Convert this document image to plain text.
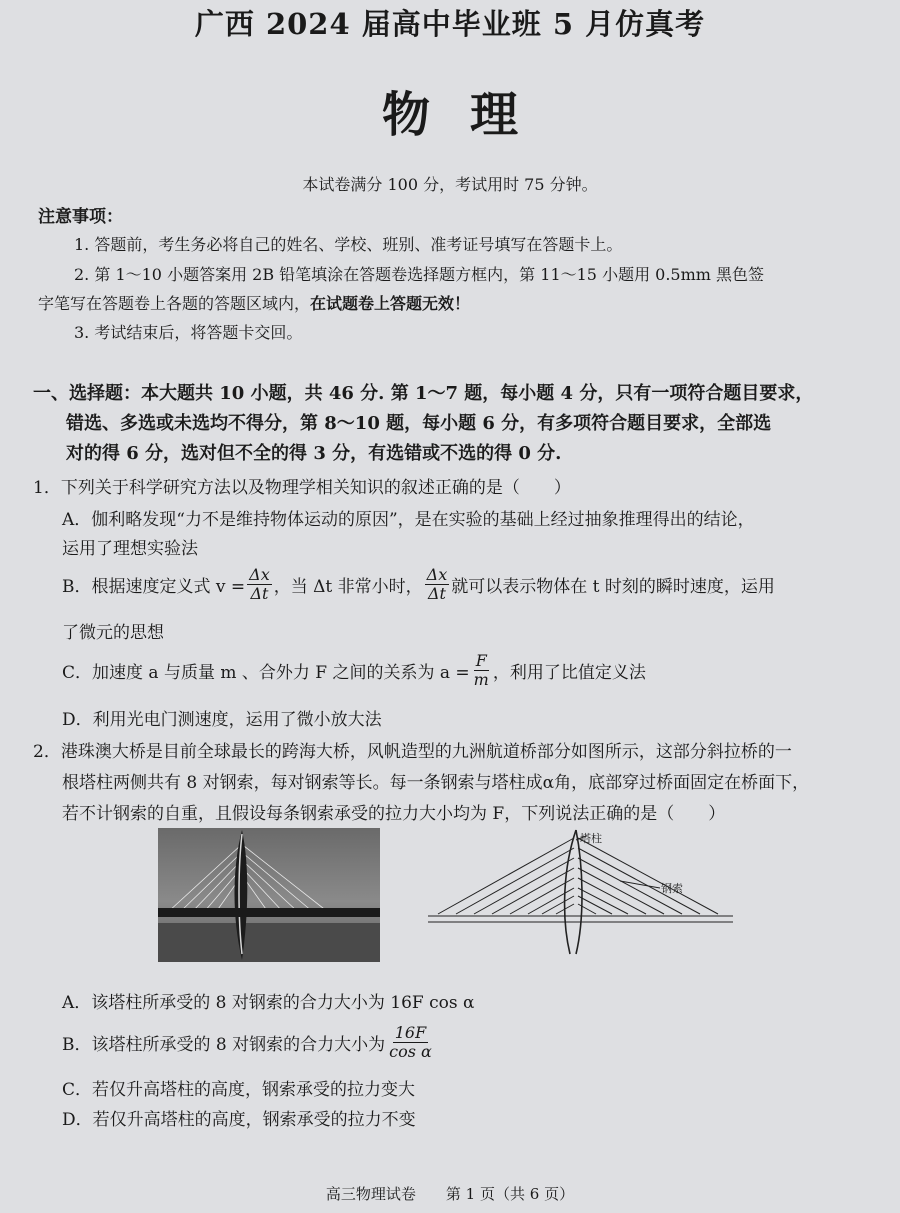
广西 2024 届高中毕业班 5 月仿真考
物理
本试卷满分 100 分，考试用时 75 分钟。
注意事项：
1. 答题前，考生务必将自己的姓名、学校、班别、准考证号填写在答题卡上。
2. 第 1～10 小题答案用 2B 铅笔填涂在答题卷选择题方框内，第 11～15 小题用 0.5mm 黑色签
字笔写在答题卷上各题的答题区域内，在试题卷上答题无效！
3. 考试结束后，将答题卡交回。
一、选择题：本大题共 10 小题，共 46 分. 第 1～7 题，每小题 4 分，只有一项符合题目要求，
错选、多选或未选均不得分，第 8～10 题，每小题 6 分，有多项符合题目要求，全部选
对的得 6 分，选对但不全的得 3 分，有选错或不选的得 0 分.
1．下列关于科学研究方法以及物理学相关知识的叙述正确的是（　　）
A．伽利略发现“力不是维持物体运动的原因”，是在实验的基础上经过抽象推理得出的结论，
运用了理想实验法
B．根据速度定义式 $v = \frac{\Delta x}{\Delta t}$ ，当 Δt 非常小时， $\frac{\Delta x}{\Delta t}$ 就可以表示物体在 t 时刻的瞬时速度，运用
了微元的思想
C．加速度 a 与质量 m 、合外力 F 之间的关系为 $a = \frac{F}{m}$ ，利用了比值定义法
D．利用光电门测速度，运用了微小放大法
2．港珠澳大桥是目前全球最长的跨海大桥，风帆造型的九洲航道桥部分如图所示，这部分斜拉桥的一
根塔柱两侧共有 8 对钢索，每对钢索等长。每一条钢索与塔柱成α角，底部穿过桥面固定在桥面下，
若不计钢索的自重，且假设每条钢索承受的拉力大小均为 F，下列说法正确的是（　　）
塔柱
钢索
A．该塔柱所承受的 8 对钢索的合力大小为 16F cos α
B．该塔柱所承受的 8 对钢索的合力大小为 $\frac{16F}{\text{cos α}}$
C．若仅升高塔柱的高度，钢索承受的拉力变大
D．若仅升高塔柱的高度，钢索承受的拉力不变
高三物理试卷　　第 1 页（共 6 页）
